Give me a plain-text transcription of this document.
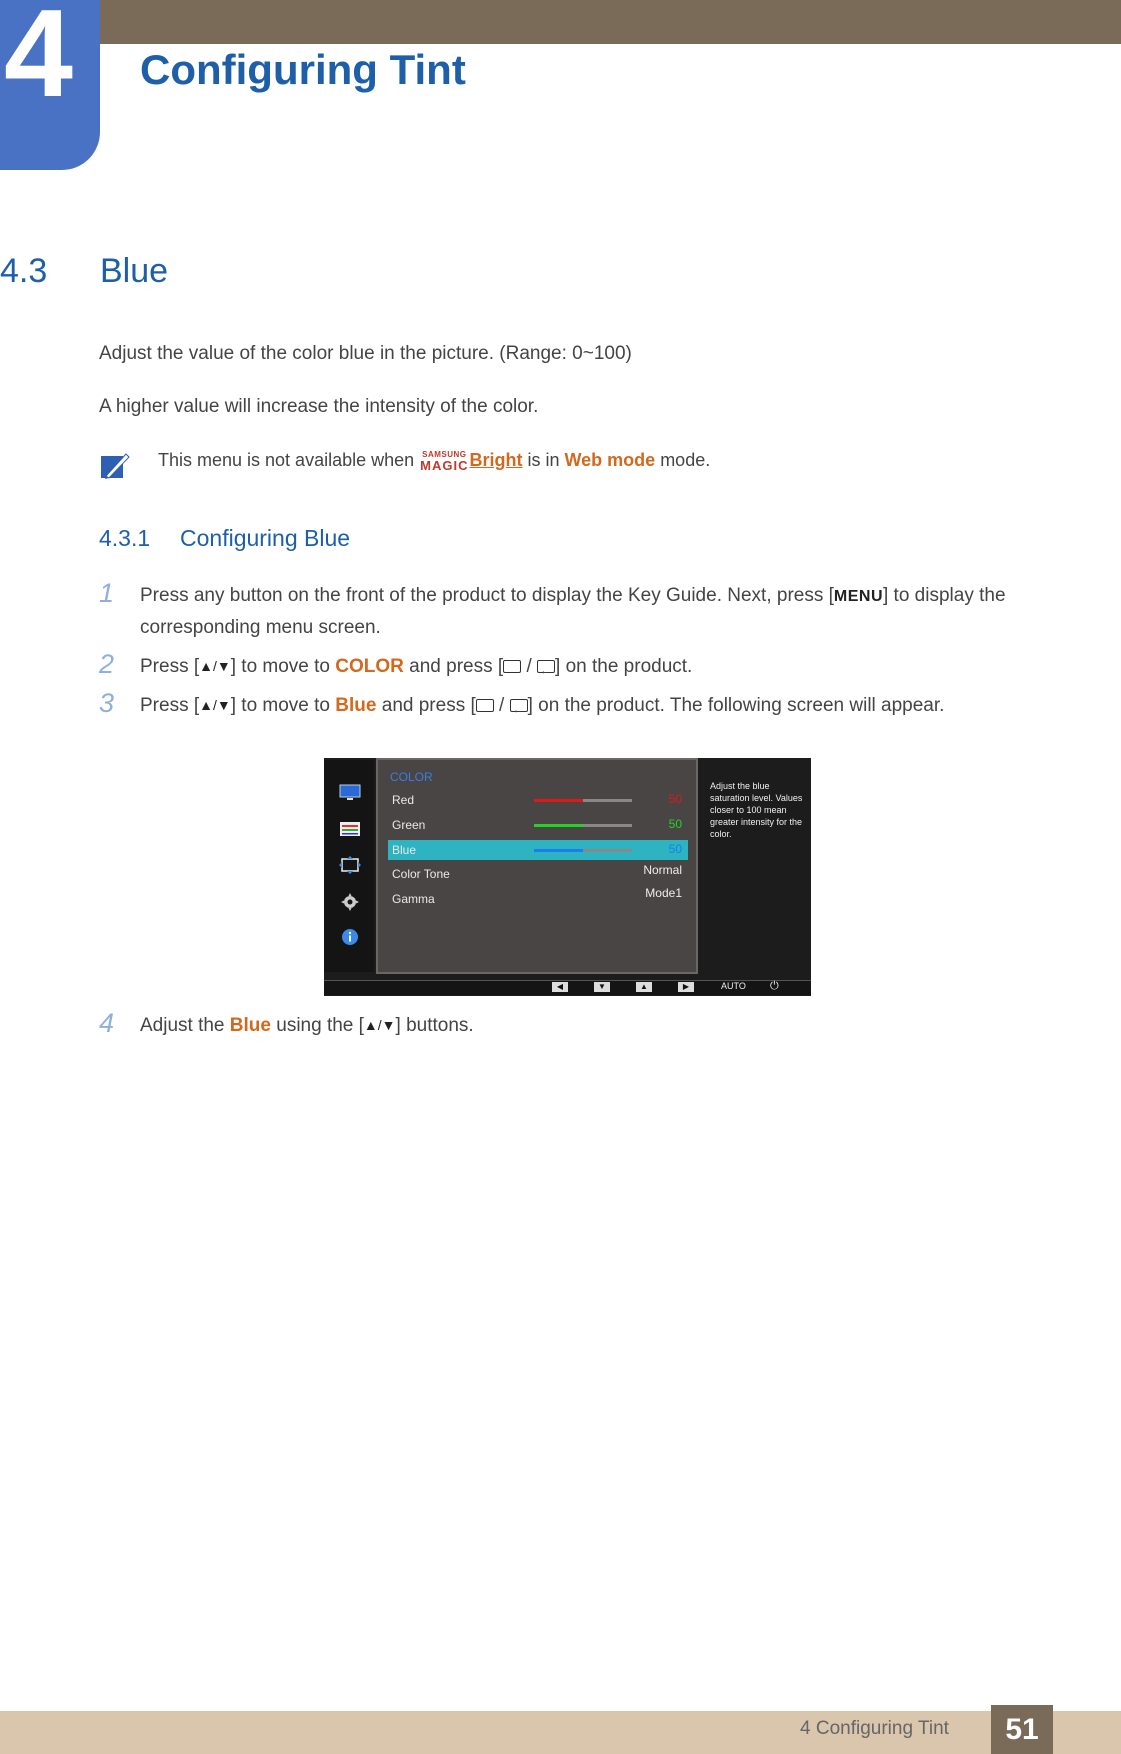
4 Configuring Tint
4.3 Blue
Adjust the value of the color blue in the picture. (Range: 0~100)
A higher value will increase the intensity of the color.
This menu is not available when SAMSUNG
MAGIC Bright is in Web mode mode.
4.3.1 Configuring Blue
1 Press any button on the front of the product to display the Key Guide. Next, press [MENU] to display the corresponding menu screen.
2 Press [▲/▼] to move to COLOR and press [ / ←] on the product.
3 Press [▲/▼] to move to Blue and press [ / ←] on the product. The following screen will appear.
COLOR
Red	50
Green	50
Blue	50
Color Tone	Normal
Gamma	Mode1
Adjust the blue saturation level. Values closer to 100 mean greater intensity for the color.
◀	▼	▲	▶	AUTO ⏻
4 Adjust the Blue using the [▲/▼] buttons.
4 Configuring Tint	51
